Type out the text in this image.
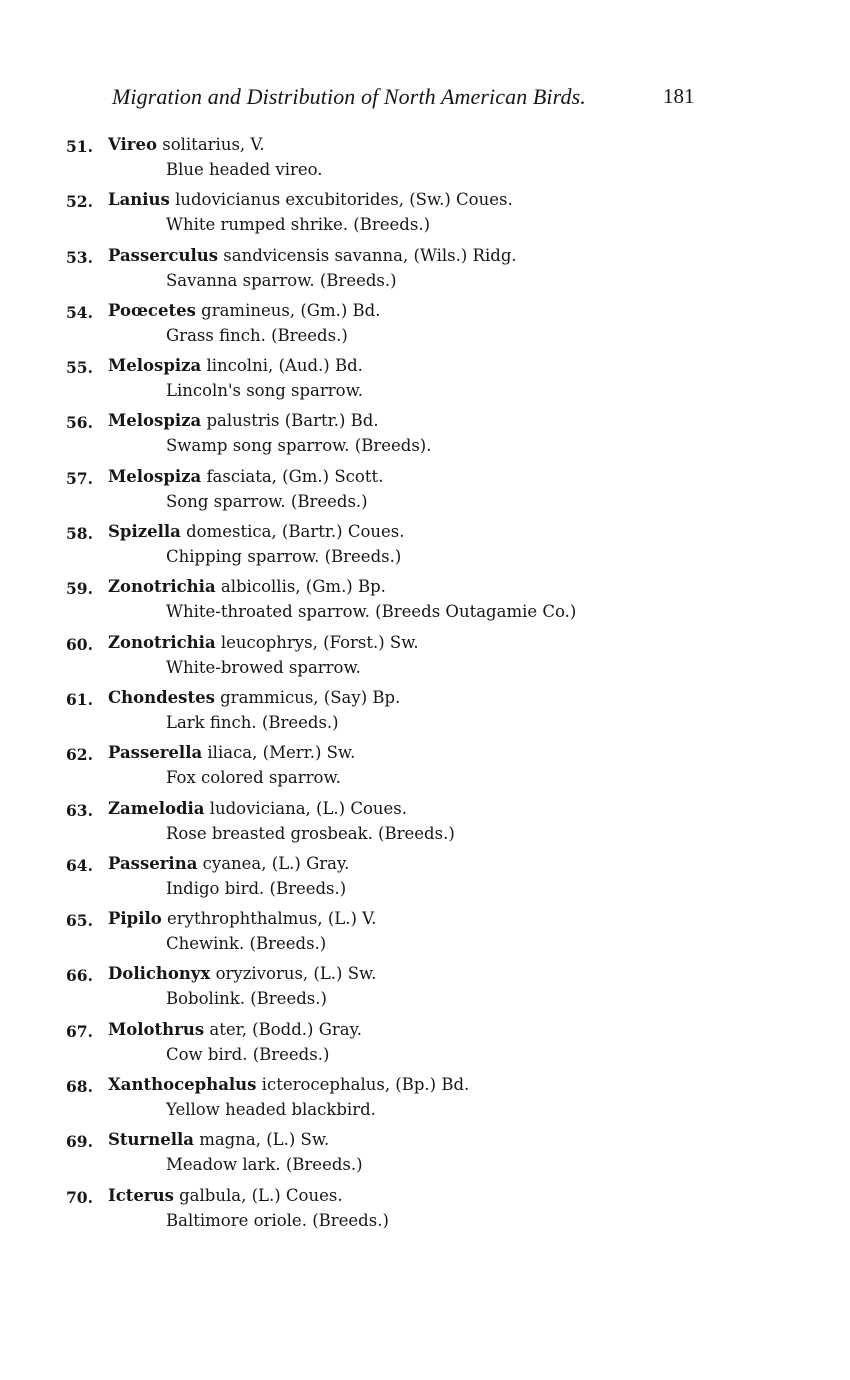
Migration and Distribution of North American Birds.	181
51. Vireo solitarius, V.
Blue headed vireo.
52. Lanius ludovicianus excubitorides, (Sw.) Coues.
White rumped shrike. (Breeds.)
53. Passerculus sandvicensis savanna, (Wils.) Ridg.
Savanna sparrow. (Breeds.)
54. Poœcetes gramineus, (Gm.) Bd.
Grass finch. (Breeds.)
55. Melospiza lincolni, (Aud.) Bd.
Lincoln's song sparrow.
56. Melospiza palustris (Bartr.) Bd.
Swamp song sparrow. (Breeds).
57. Melospiza fasciata, (Gm.) Scott.
Song sparrow. (Breeds.)
58. Spizella domestica, (Bartr.) Coues.
Chipping sparrow. (Breeds.)
59. Zonotrichia albicollis, (Gm.) Bp.
White-throated sparrow. (Breeds Outagamie Co.)
60. Zonotrichia leucophrys, (Forst.) Sw.
White-browed sparrow.
61. Chondestes grammicus, (Say) Bp.
Lark finch. (Breeds.)
62. Passerella iliaca, (Merr.) Sw.
Fox colored sparrow.
63. Zamelodia ludoviciana, (L.) Coues.
Rose breasted grosbeak. (Breeds.)
64. Passerina cyanea, (L.) Gray.
Indigo bird. (Breeds.)
65. Pipilo erythrophthalmus, (L.) V.
Chewink. (Breeds.)
66. Dolichonyx oryzivorus, (L.) Sw.
Bobolink. (Breeds.)
67. Molothrus ater, (Bodd.) Gray.
Cow bird. (Breeds.)
68. Xanthocephalus icterocephalus, (Bp.) Bd.
Yellow headed blackbird.
69. Sturnella magna, (L.) Sw.
Meadow lark. (Breeds.)
70. Icterus galbula, (L.) Coues.
Baltimore oriole. (Breeds.)
